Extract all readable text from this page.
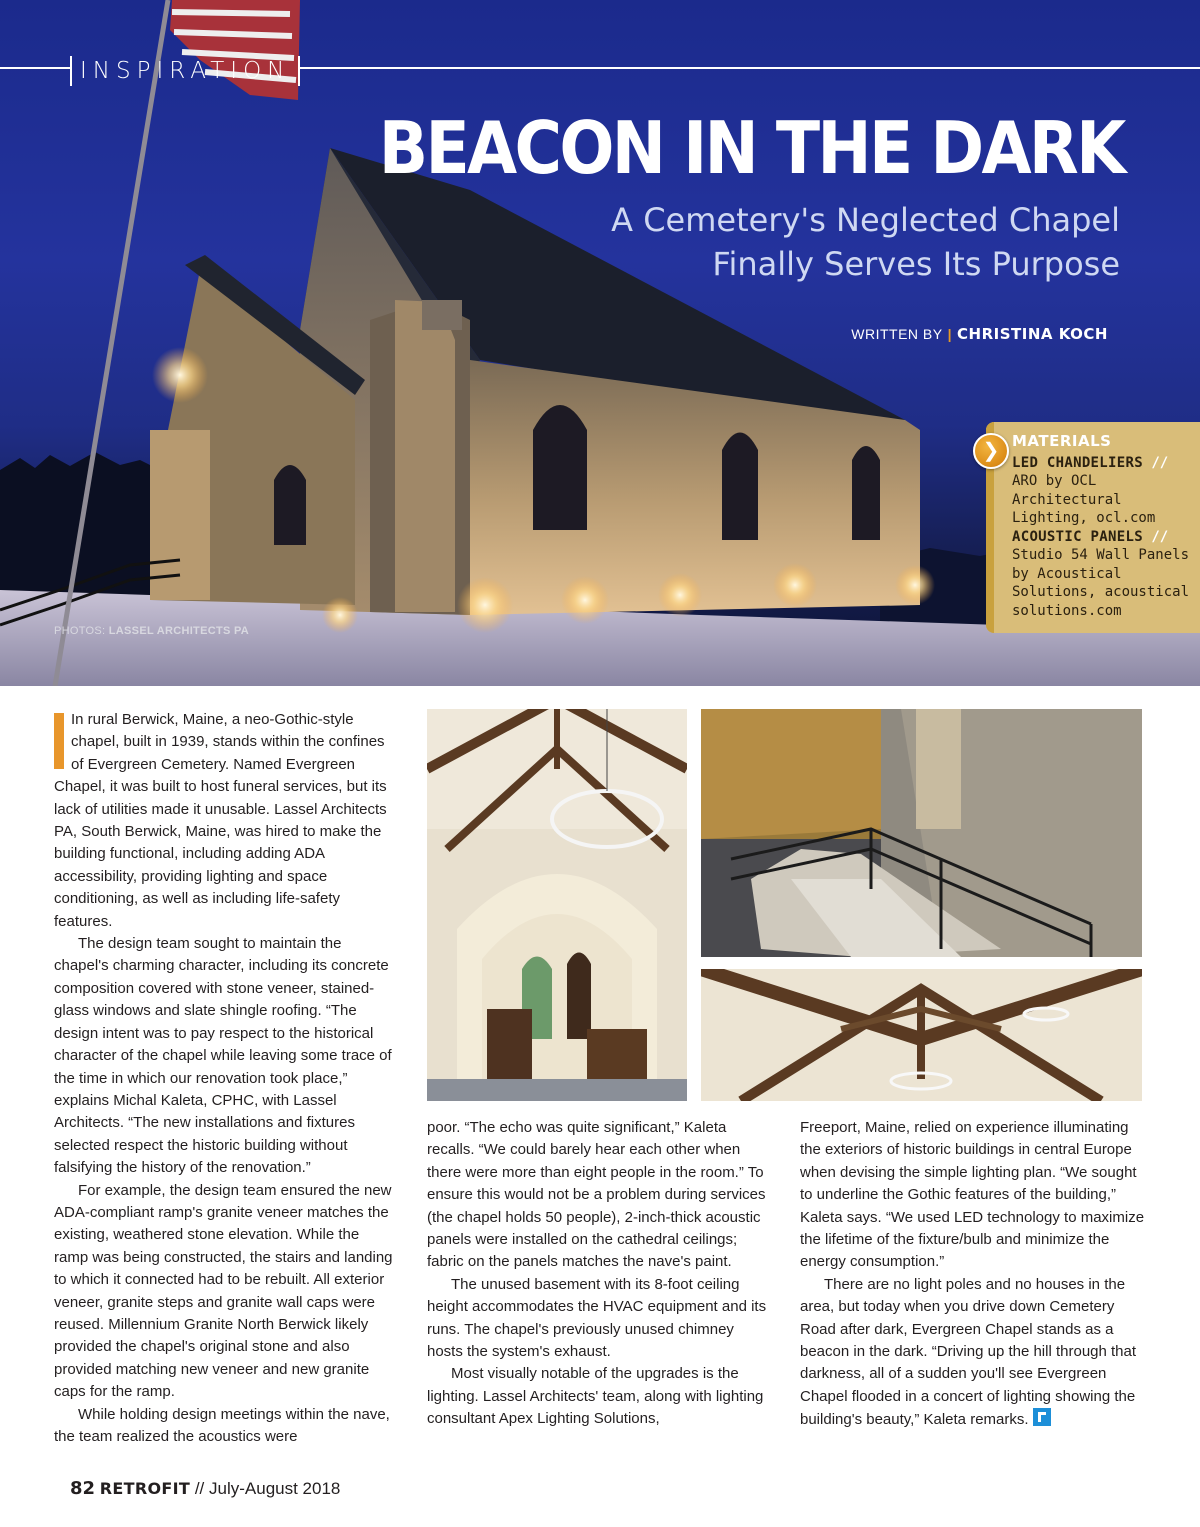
INSPIRATION
BEACON IN THE DARK
A Cemetery's Neglected Chapel
Finally Serves Its Purpose
WRITTEN BY | CHRISTINA KOCH
PHOTOS: LASSEL ARCHITECTS PA
MATERIALS
LED CHANDELIERS //
ARO by OCL Architectural Lighting, ocl.com
ACOUSTIC PANELS //
Studio 54 Wall Panels by Acoustical Solutions, acoustical solutions.com
❯

In rural Berwick, Maine, a neo-Gothic-style chapel, built in 1939, stands within the confines of Evergreen Cemetery. Named Evergreen Chapel, it was built to host funeral services, but its lack of utilities made it unusable. Lassel Architects PA, South Berwick, Maine, was hired to make the building functional, including adding ADA accessibility, providing lighting and space conditioning, as well as including life-safety features.

The design team sought to maintain the chapel's charming character, including its concrete composition covered with stone veneer, stained-glass windows and slate shingle roofing. “The design intent was to pay respect to the historical character of the chapel while leaving some trace of the time in which our renovation took place,” explains Michal Kaleta, CPHC, with Lassel Architects. “The new installations and fixtures selected respect the historic building without falsifying the history of the renovation.”

For example, the design team ensured the new ADA-compliant ramp's granite veneer matches the existing, weathered stone elevation. While the ramp was being constructed, the stairs and landing to which it connected had to be rebuilt. All exterior veneer, granite steps and granite wall caps were reused. Millennium Granite North Berwick likely provided the chapel's original stone and also provided matching new veneer and new granite caps for the ramp.

While holding design meetings within the nave, the team realized the acoustics were

poor. “The echo was quite significant,” Kaleta recalls. “We could barely hear each other when there were more than eight people in the room.” To ensure this would not be a problem during services (the chapel holds 50 people), 2-inch-thick acoustic panels were installed on the cathedral ceilings; fabric on the panels matches the nave's paint.

The unused basement with its 8-foot ceiling height accommodates the HVAC equipment and its runs. The chapel's previously unused chimney hosts the system's exhaust.

Most visually notable of the upgrades is the lighting. Lassel Architects' team, along with lighting consultant Apex Lighting Solutions,

Freeport, Maine, relied on experience illuminating the exteriors of historic buildings in central Europe when devising the simple lighting plan. “We sought to underline the Gothic features of the building,” Kaleta says. “We used LED technology to maximize the lifetime of the fixture/bulb and minimize the energy consumption.”

There are no light poles and no houses in the area, but today when you drive down Cemetery Road after dark, Evergreen Chapel stands as a beacon in the dark. “Driving up the hill through that darkness, all of a sudden you'll see Evergreen Chapel flooded in a concert of lighting showing the building's beauty,” Kaleta remarks.

82 RETROFIT // July-August 2018
